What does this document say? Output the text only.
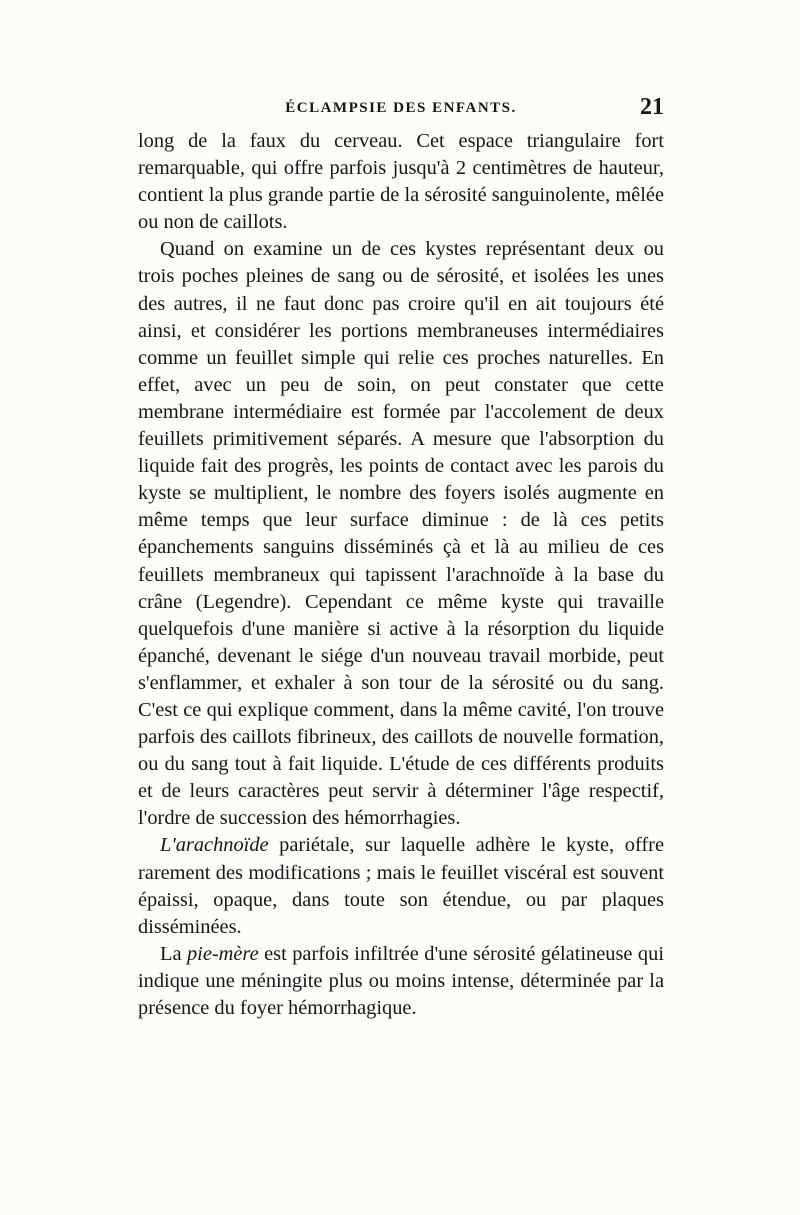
ÉCLAMPSIE DES ENFANTS.	21

long de la faux du cerveau. Cet espace triangulaire fort remarquable, qui offre parfois jusqu'à 2 centimètres de hauteur, contient la plus grande partie de la sérosité sanguinolente, mêlée ou non de caillots.

Quand on examine un de ces kystes représentant deux ou trois poches pleines de sang ou de sérosité, et isolées les unes des autres, il ne faut donc pas croire qu'il en ait toujours été ainsi, et considérer les portions membraneuses intermédiaires comme un feuillet simple qui relie ces proches naturelles. En effet, avec un peu de soin, on peut constater que cette membrane intermédiaire est formée par l'accolement de deux feuillets primitivement séparés. A mesure que l'absorption du liquide fait des progrès, les points de contact avec les parois du kyste se multiplient, le nombre des foyers isolés augmente en même temps que leur surface diminue : de là ces petits épanchements sanguins disséminés çà et là au milieu de ces feuillets membraneux qui tapissent l'arachnoïde à la base du crâne (Legendre). Cependant ce même kyste qui travaille quelquefois d'une manière si active à la résorption du liquide épanché, devenant le siége d'un nouveau travail morbide, peut s'enflammer, et exhaler à son tour de la sérosité ou du sang. C'est ce qui explique comment, dans la même cavité, l'on trouve parfois des caillots fibrineux, des caillots de nouvelle formation, ou du sang tout à fait liquide. L'étude de ces différents produits et de leurs caractères peut servir à déterminer l'âge respectif, l'ordre de succession des hémorrhagies.

L'arachnoïde pariétale, sur laquelle adhère le kyste, offre rarement des modifications ; mais le feuillet viscéral est souvent épaissi, opaque, dans toute son étendue, ou par plaques disséminées.

La pie-mère est parfois infiltrée d'une sérosité gélatineuse qui indique une méningite plus ou moins intense, déterminée par la présence du foyer hémorrhagique.
